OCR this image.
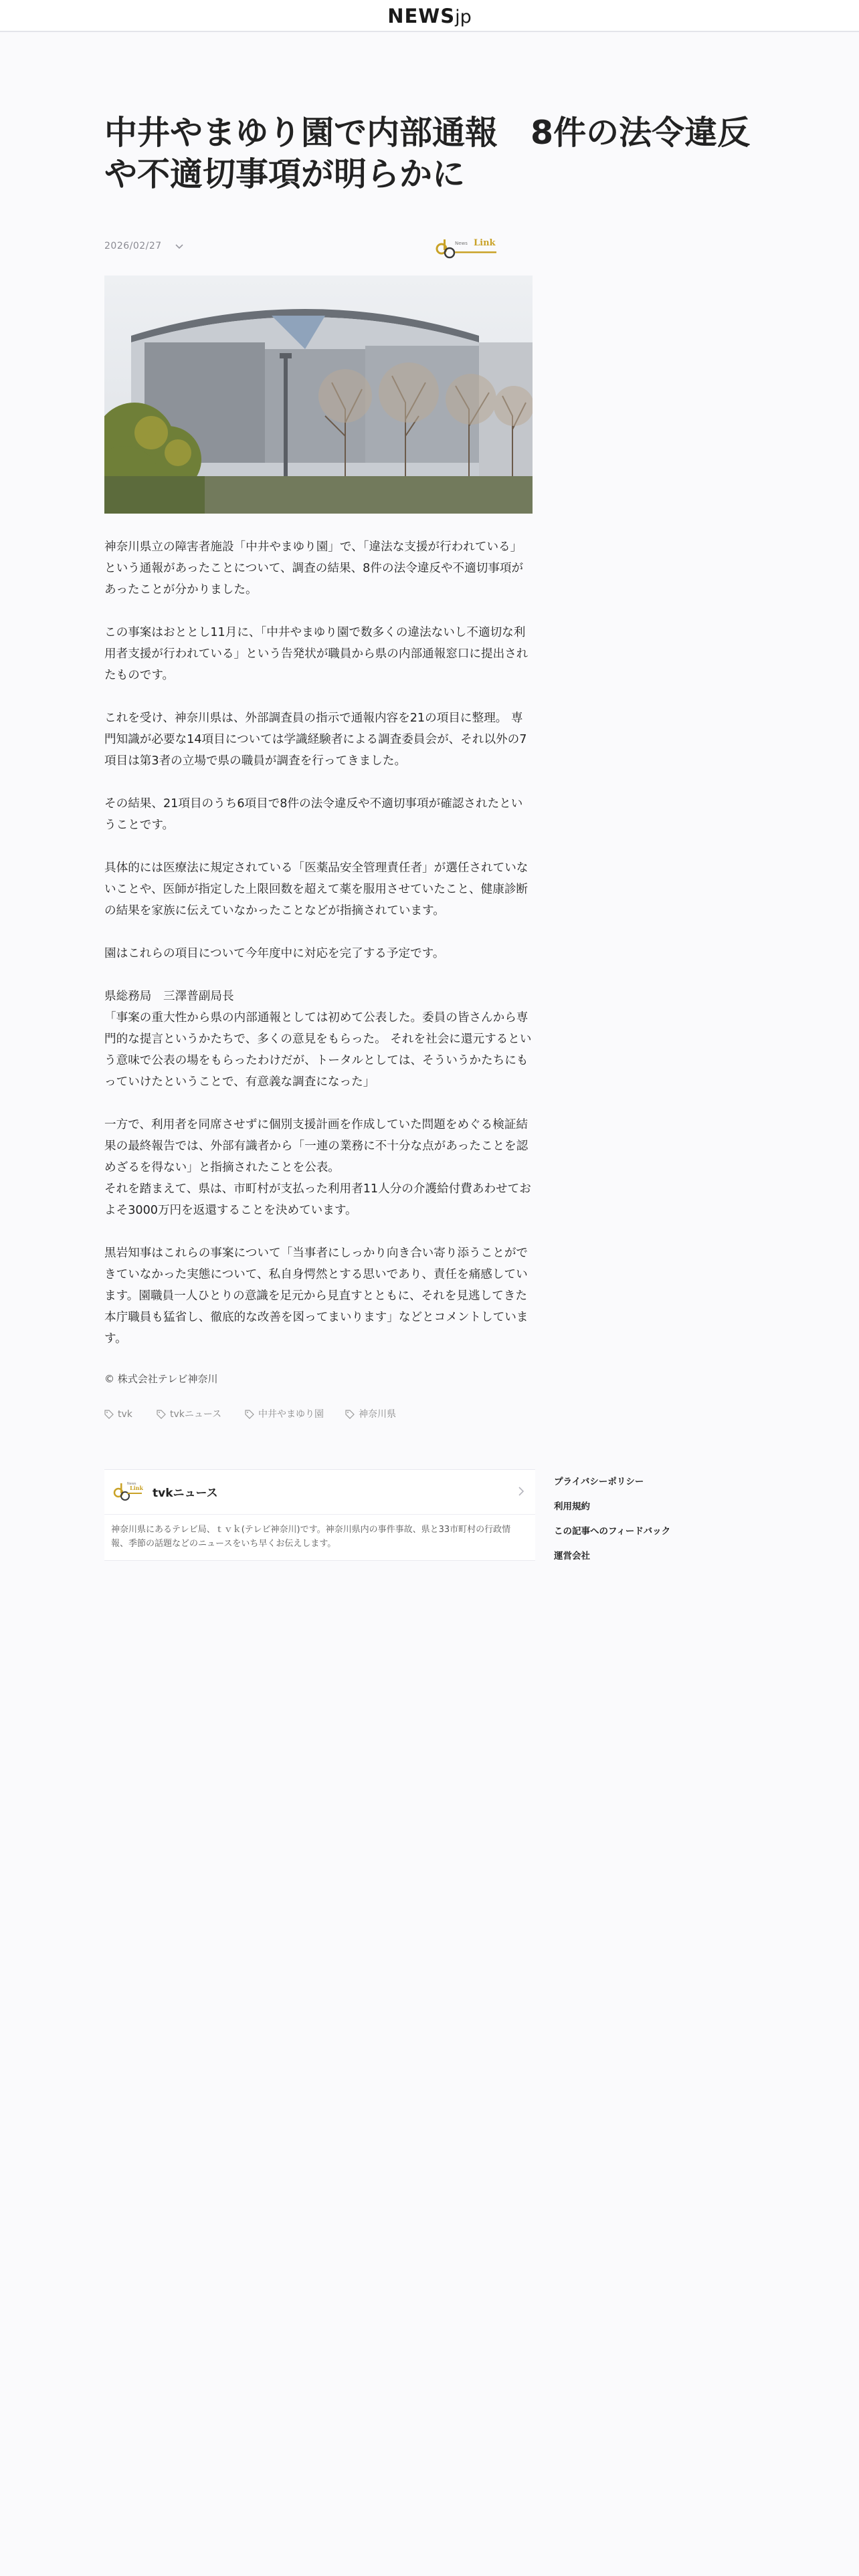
NEWSjp
中井やまゆり園で内部通報　8件の法令違反や不適切事項が明らかに
2026/02/27	News Link

神奈川県立の障害者施設「中井やまゆり園」で、「違法な支援が行われている」という通報があったことについて、調査の結果、8件の法令違反や不適切事項があったことが分かりました。

この事案はおととし11月に、「中井やまゆり園で数多くの違法ないし不適切な利用者支援が行われている」という告発状が職員から県の内部通報窓口に提出されたものです。

これを受け、神奈川県は、外部調査員の指示で通報内容を21の項目に整理。 専門知識が必要な14項目については学識経験者による調査委員会が、それ以外の7項目は第3者の立場で県の職員が調査を行ってきました。

その結果、21項目のうち6項目で8件の法令違反や不適切事項が確認されたということです。

具体的には医療法に規定されている「医薬品安全管理責任者」が選任されていないことや、医師が指定した上限回数を超えて薬を服用させていたこと、健康診断の結果を家族に伝えていなかったことなどが指摘されています。

園はこれらの項目について今年度中に対応を完了する予定です。

県総務局　三澤普副局長
「事案の重大性から県の内部通報としては初めて公表した。委員の皆さんから専門的な提言というかたちで、多くの意見をもらった。 それを社会に還元するという意味で公表の場をもらったわけだが、トータルとしては、そういうかたちにもっていけたということで、有意義な調査になった」

一方で、利用者を同席させずに個別支援計画を作成していた問題をめぐる検証結果の最終報告では、外部有識者から「一連の業務に不十分な点があったことを認めざるを得ない」と指摘されたことを公表。
それを踏まえて、県は、市町村が支払った利用者11人分の介護給付費あわせておよそ3000万円を返還することを決めています。

黒岩知事はこれらの事案について「当事者にしっかり向き合い寄り添うことができていなかった実態について、私自身愕然とする思いであり、責任を痛感しています。園職員一人ひとりの意識を足元から見直すとともに、それを見逃してきた本庁職員も猛省し、徹底的な改善を図ってまいります」などとコメントしています。

© 株式会社テレビ神奈川
tvk	tvkニュース	中井やまゆり園	神奈川県
News
Link tvkニュース
神奈川県にあるテレビ局、ｔｖｋ(テレビ神奈川)です。神奈川県内の事件事故、県と33市町村の行政情報、季節の話題などのニュースをいち早くお伝えします。
プライバシーポリシー
利用規約
この記事へのフィードバック
運営会社
